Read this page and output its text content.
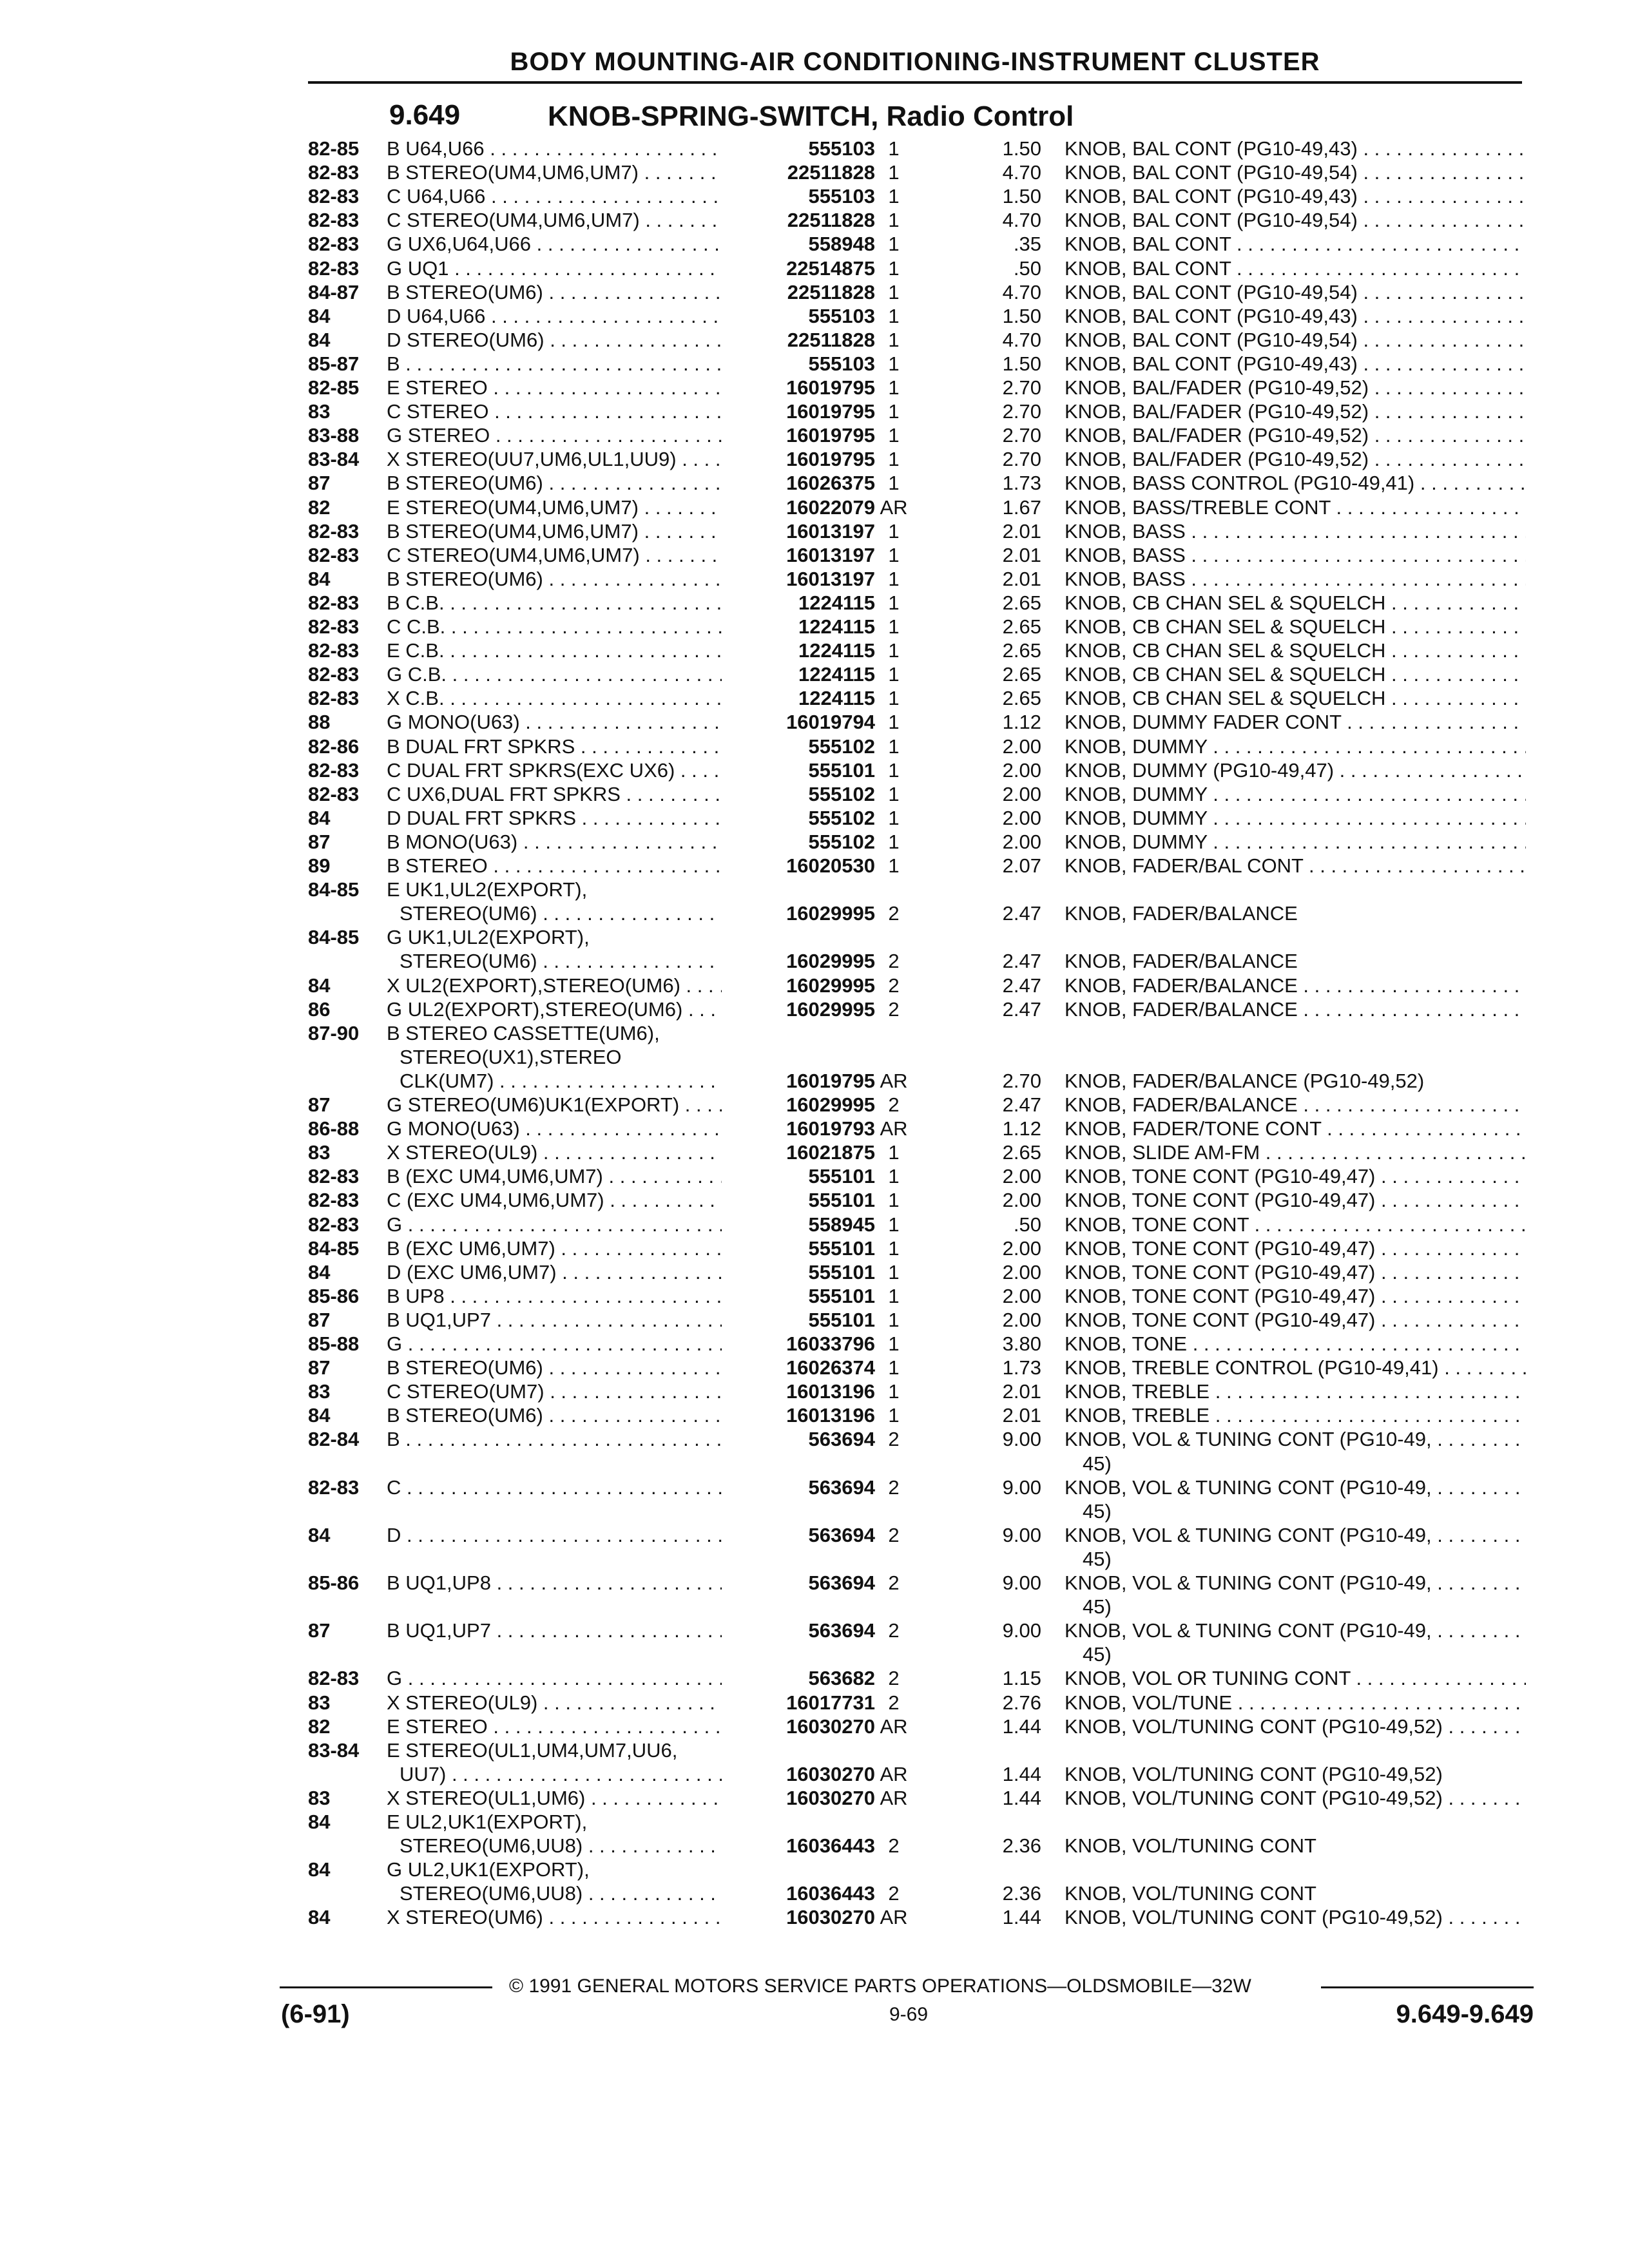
BODY MOUNTING-AIR CONDITIONING-INSTRUMENT CLUSTER
9.649	KNOB-SPRING-SWITCH, Radio Control
82-85	B U64,U66 . . .	555103 1	1.50 KNOB, BAL CONT (PG10-49,43) . . .
82-83	B STEREO(UM4,UM6,UM7) . . .	22511828 1	4.70 KNOB, BAL CONT (PG10-49,54) . . .
82-83	C U64,U66 . . .	555103 1	1.50 KNOB, BAL CONT (PG10-49,43) . . .
82-83	C STEREO(UM4,UM6,UM7) . . .	22511828 1	4.70 KNOB, BAL CONT (PG10-49,54) . . .
82-83	G UX6,U64,U66 . . .	558948 1	.35 KNOB, BAL CONT . . .
82-83	G UQ1 . . .	22514875 1	.50 KNOB, BAL CONT . . .
84-87	B STEREO(UM6) . . .	22511828 1	4.70 KNOB, BAL CONT (PG10-49,54) . . .
84	D U64,U66 . . .	555103 1	1.50 KNOB, BAL CONT (PG10-49,43) . . .
84	D STEREO(UM6) . . .	22511828 1	4.70 KNOB, BAL CONT (PG10-49,54) . . .
85-87	B . . .	555103 1	1.50 KNOB, BAL CONT (PG10-49,43) . . .
82-85	E STEREO . . .	16019795 1	2.70 KNOB, BAL/FADER (PG10-49,52) . . .
83	C STEREO . . .	16019795 1	2.70 KNOB, BAL/FADER (PG10-49,52) . . .
83-88	G STEREO . . .	16019795 1	2.70 KNOB, BAL/FADER (PG10-49,52) . . .
83-84	X STEREO(UU7,UM6,UL1,UU9) . . .	16019795 1	2.70 KNOB, BAL/FADER (PG10-49,52) . . .
87	B STEREO(UM6) . . .	16026375 1	1.73 KNOB, BASS CONTROL (PG10-49,41) . . .
82	E STEREO(UM4,UM6,UM7) . . .	16022079 AR	1.67 KNOB, BASS/TREBLE CONT . . .
82-83	B STEREO(UM4,UM6,UM7) . . .	16013197 1	2.01 KNOB, BASS . . .
82-83	C STEREO(UM4,UM6,UM7) . . .	16013197 1	2.01 KNOB, BASS . . .
84	B STEREO(UM6) . . .	16013197 1	2.01 KNOB, BASS . . .
82-83	B C.B. . . .	1224115 1	2.65 KNOB, CB CHAN SEL & SQUELCH . . .
82-83	C C.B. . . .	1224115 1	2.65 KNOB, CB CHAN SEL & SQUELCH . . .
82-83	E C.B. . . .	1224115 1	2.65 KNOB, CB CHAN SEL & SQUELCH . . .
82-83	G C.B. . . .	1224115 1	2.65 KNOB, CB CHAN SEL & SQUELCH . . .
82-83	X C.B. . . .	1224115 1	2.65 KNOB, CB CHAN SEL & SQUELCH . . .
88	G MONO(U63) . . .	16019794 1	1.12 KNOB, DUMMY FADER CONT . . .
82-86	B DUAL FRT SPKRS . . .	555102 1	2.00 KNOB, DUMMY . . .
82-83	C DUAL FRT SPKRS(EXC UX6) . . .	555101 1	2.00 KNOB, DUMMY (PG10-49,47) . . .
82-83	C UX6,DUAL FRT SPKRS . . .	555102 1	2.00 KNOB, DUMMY . . .
84	D DUAL FRT SPKRS . . .	555102 1	2.00 KNOB, DUMMY . . .
87	B MONO(U63) . . .	555102 1	2.00 KNOB, DUMMY . . .
89	B STEREO . . .	16020530 1	2.07 KNOB, FADER/BAL CONT . . .
84-85	E UK1,UL2(EXPORT),
STEREO(UM6) . . .	16029995 2	2.47 KNOB, FADER/BALANCE
84-85	G UK1,UL2(EXPORT),
STEREO(UM6) . . .	16029995 2	2.47 KNOB, FADER/BALANCE
84	X UL2(EXPORT),STEREO(UM6) . . .	16029995 2	2.47 KNOB, FADER/BALANCE . . .
86	G UL2(EXPORT),STEREO(UM6) . . .	16029995 2	2.47 KNOB, FADER/BALANCE . . .
87-90	B STEREO CASSETTE(UM6),
STEREO(UX1),STEREO
CLK(UM7) . . .	16019795 AR	2.70 KNOB, FADER/BALANCE (PG10-49,52)
87	G STEREO(UM6)UK1(EXPORT) . . .	16029995 2	2.47 KNOB, FADER/BALANCE . . .
86-88	G MONO(U63) . . .	16019793 AR	1.12 KNOB, FADER/TONE CONT . . .
83	X STEREO(UL9) . . .	16021875 1	2.65 KNOB, SLIDE AM-FM . . .
82-83	B (EXC UM4,UM6,UM7) . . .	555101 1	2.00 KNOB, TONE CONT (PG10-49,47) . . .
82-83	C (EXC UM4,UM6,UM7) . . .	555101 1	2.00 KNOB, TONE CONT (PG10-49,47) . . .
82-83	G . . .	558945 1	.50 KNOB, TONE CONT . . .
84-85	B (EXC UM6,UM7) . . .	555101 1	2.00 KNOB, TONE CONT (PG10-49,47) . . .
84	D (EXC UM6,UM7) . . .	555101 1	2.00 KNOB, TONE CONT (PG10-49,47) . . .
85-86	B UP8 . . .	555101 1	2.00 KNOB, TONE CONT (PG10-49,47) . . .
87	B UQ1,UP7 . . .	555101 1	2.00 KNOB, TONE CONT (PG10-49,47) . . .
85-88	G . . .	16033796 1	3.80 KNOB, TONE . . .
87	B STEREO(UM6) . . .	16026374 1	1.73 KNOB, TREBLE CONTROL (PG10-49,41) . . .
83	C STEREO(UM7) . . .	16013196 1	2.01 KNOB, TREBLE . . .
84	B STEREO(UM6) . . .	16013196 1	2.01 KNOB, TREBLE . . .
82-84	B . . .	563694 2	9.00 KNOB, VOL & TUNING CONT (PG10-49, . . .
45)
82-83	C . . .	563694 2	9.00 KNOB, VOL & TUNING CONT (PG10-49, . . .
45)
84	D . . .	563694 2	9.00 KNOB, VOL & TUNING CONT (PG10-49, . . .
45)
85-86	B UQ1,UP8 . . .	563694 2	9.00 KNOB, VOL & TUNING CONT (PG10-49, . . .
45)
87	B UQ1,UP7 . . .	563694 2	9.00 KNOB, VOL & TUNING CONT (PG10-49, . . .
45)
82-83	G . . .	563682 2	1.15 KNOB, VOL OR TUNING CONT . . .
83	X STEREO(UL9) . . .	16017731 2	2.76 KNOB, VOL/TUNE . . .
82	E STEREO . . .	16030270 AR	1.44 KNOB, VOL/TUNING CONT (PG10-49,52) . . .
83-84	E STEREO(UL1,UM4,UM7,UU6,
UU7) . . .	16030270 AR	1.44 KNOB, VOL/TUNING CONT (PG10-49,52)
83	X STEREO(UL1,UM6) . . .	16030270 AR	1.44 KNOB, VOL/TUNING CONT (PG10-49,52) . . .
84	E UL2,UK1(EXPORT),
STEREO(UM6,UU8) . . .	16036443 2	2.36 KNOB, VOL/TUNING CONT
84	G UL2,UK1(EXPORT),
STEREO(UM6,UU8) . . .	16036443 2	2.36 KNOB, VOL/TUNING CONT
84	X STEREO(UM6) . . .	16030270 AR	1.44 KNOB, VOL/TUNING CONT (PG10-49,52) . . .
© 1991 GENERAL MOTORS SERVICE PARTS OPERATIONS—OLDSMOBILE—32W
(6-91)	9-69	9.649-9.649
